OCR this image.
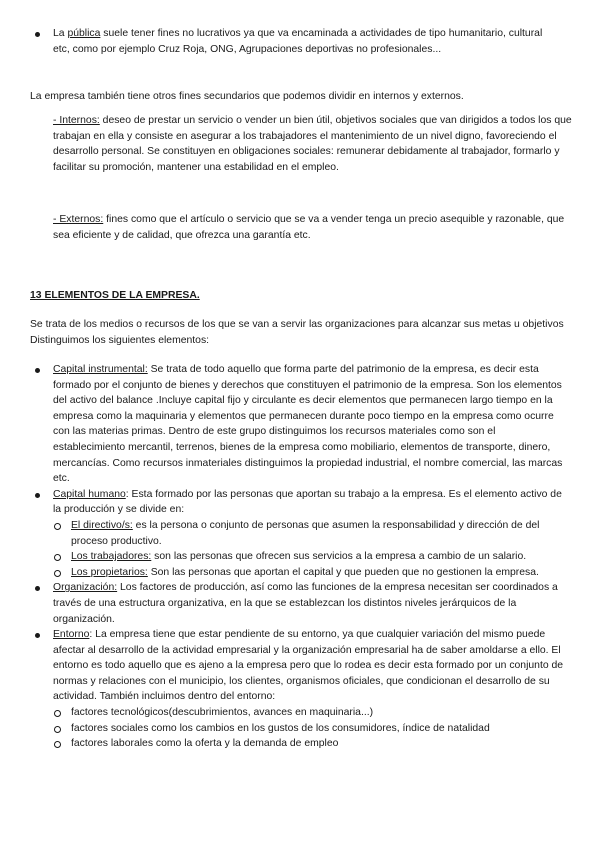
La pública suele tener fines no lucrativos ya que va encaminada a actividades de tipo humanitario, cultural etc, como por ejemplo Cruz Roja, ONG, Agrupaciones deportivas no profesionales...

La empresa también tiene otros fines secundarios que podemos dividir en internos y externos.

- Internos: deseo de prestar un servicio o vender un bien útil, objetivos sociales que van dirigidos a todos los que trabajan en ella y consiste en asegurar a los trabajadores el mantenimiento de un nivel digno, favoreciendo el desarrollo personal. Se constituyen en obligaciones sociales: remunerar debidamente al trabajador, formarlo y facilitar su promoción, mantener una estabilidad en el empleo.

- Externos: fines como que el artículo o servicio que se va a vender tenga un precio asequible y razonable, que sea eficiente y de calidad, que ofrezca una garantía etc.

13 ELEMENTOS DE LA EMPRESA.

Se trata de los medios o recursos de los que se van a servir las organizaciones para alcanzar sus metas u objetivos Distinguimos los siguientes elementos:

Capital instrumental: Se trata de todo aquello que forma parte del patrimonio de la empresa, es decir esta formado por el conjunto de bienes y derechos que constituyen el patrimonio de la empresa. Son los elementos del activo del balance .Incluye capital fijo y circulante es decir elementos que permanecen largo tiempo en la empresa como la maquinaria y elementos que permanecen durante poco tiempo en la empresa como ocurre con las materias primas. Dentro de este grupo distinguimos los recursos materiales como son el establecimiento mercantil, terrenos, bienes de la empresa como mobiliario, elementos de transporte, dinero, mercancías. Como recursos inmateriales distinguimos la propiedad industrial, el nombre comercial, las marcas etc.

Capital humano: Esta formado por las personas que aportan su trabajo a la empresa. Es el elemento activo de la producción y se divide en:

El directivo/s: es la persona o conjunto de personas que asumen la responsabilidad y dirección de del proceso productivo.

Los trabajadores: son las personas que ofrecen sus servicios a la empresa a cambio de un salario.

Los propietarios: Son las personas que aportan el capital y que pueden que no gestionen la empresa.

Organización: Los factores de producción, así como las funciones de la empresa necesitan ser coordinados a través de una estructura organizativa, en la que se establezcan los distintos niveles jerárquicos de la organización.

Entorno: La empresa tiene que estar pendiente de su entorno, ya que cualquier variación del mismo puede afectar al desarrollo de la actividad empresarial y la organización empresarial ha de saber amoldarse a ello. El entorno es todo aquello que es ajeno a la empresa pero que lo rodea es decir esta formado por un conjunto de normas y relaciones con el municipio, los clientes, organismos oficiales, que condicionan el desarrollo de su actividad. También incluimos dentro del entorno:

factores tecnológicos(descubrimientos, avances en maquinaria...)

factores sociales como los cambios en los gustos de los consumidores, índice de natalidad

factores laborales como la oferta y la demanda de empleo
